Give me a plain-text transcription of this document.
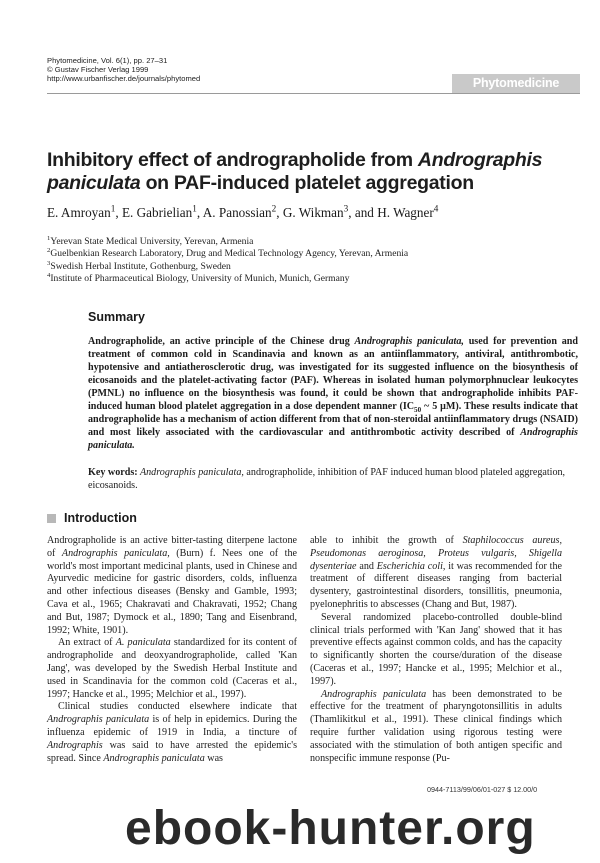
Phytomedicine, Vol. 6(1), pp. 27–31
© Gustav Fischer Verlag 1999
http://www.urbanfischer.de/journals/phytomed	Phytomedicine
Inhibitory effect of andrographolide from Andrographis paniculata on PAF-induced platelet aggregation
E. Amroyan$^1$, E. Gabrielian$^1$, A. Panossian$^2$, G. Wikman$^3$, and H. Wagner$^4$
$^1$Yerevan State Medical University, Yerevan, Armenia
$^2$Guelbenkian Research Laboratory, Drug and Medical Technology Agency, Yerevan, Armenia
$^3$Swedish Herbal Institute, Gothenburg, Sweden
$^4$Institute of Pharmaceutical Biology, University of Munich, Munich, Germany
Summary
Andrographolide, an active principle of the Chinese drug Andrographis paniculata, used for prevention and treatment of common cold in Scandinavia and known as an antiinflammatory, antiviral, antithrombotic, hypotensive and antiatherosclerotic drug, was investigated for its suggested influence on the biosynthesis of eicosanoids and the platelet-activating factor (PAF). Whereas in isolated human polymorphnuclear leukocytes (PMNL) no influence on the biosynthesis was found, it could be shown that andrographolide inhibits PAF-induced human blood platelet aggregation in a dose dependent manner ($IC_{50}$ ~ 5 μM). These results indicate that andrographolide has a mechanism of action different from that of non-steroidal antiinflammatory drugs (NSAID) and most likely associated with the cardiovascular and antithrombotic activity described of Andrographis paniculata.
Key words: Andrographis paniculata, andrographolide, inhibition of PAF induced human blood plateled aggregation, eicosanoids.
Introduction

Andrographolide is an active bitter-tasting diterpene lactone of Andrographis paniculata, (Burn) f. Nees one of the world's most important medicinal plants, used in Chinese and Ayurvedic medicine for gastric disorders, colds, influenza and other infectious diseases (Bensky and Gamble, 1993; Cava et al., 1965; Chakravati and Chakravati, 1952; Chang and But, 1987; Dymock et al., 1890; Tang and Eisenbrand, 1992; White, 1901).

An extract of A. paniculata standardized for its content of andrographolide and deoxyandrographolide, called 'Kan Jang', was developed by the Swedish Herbal Institute and used in Scandinavia for the common cold (Caceras et al., 1997; Hancke et al., 1995; Melchior et al., 1997).

Clinical studies conducted elsewhere indicate that Andrographis paniculata is of help in epidemics. During the influenza epidemic of 1919 in India, a tincture of Andrographis was said to have arrested the epidemic's spread. Since Andrographis paniculata was

able to inhibit the growth of Staphilococcus aureus, Pseudomonas aeroginosa, Proteus vulgaris, Shigella dysenteriae and Escherichia coli, it was recommended for the treatment of different diseases ranging from bacterial dysentery, gastrointestinal disorders, tonsillitis, pneumonia, pyelonephritis to abscesses (Chang and But, 1987).

Several randomized placebo-controlled double-blind clinical trials performed with 'Kan Jang' showed that it has preventive effects against common colds, and has the capacity to significantly shorten the course/duration of the disease (Caceras et al., 1997; Hancke et al., 1995; Melchior et al., 1997).

Andrographis paniculata has been demonstrated to be effective for the treatment of pharyngotonsillitis in adults (Thamlikitkul et al., 1991). These clinical findings which require further validation using rigorous testing were associated with the stimulation of both antigen specific and nonspecific immune response (Pu-

0944-7113/99/06/01-027 $ 12.00/0
ebook-hunter.org
